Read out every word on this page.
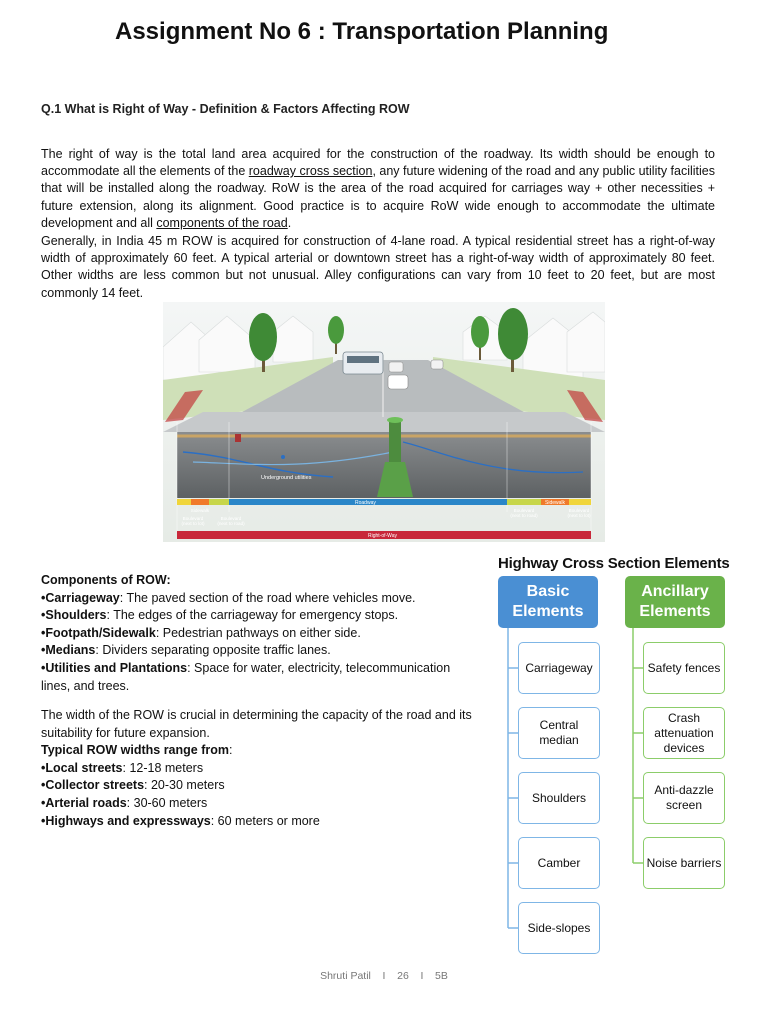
Assignment No 6 : Transportation Planning
Q.1 What is Right of Way - Definition & Factors Affecting ROW
The right of way is the total land area acquired for the construction of the roadway. Its width should be enough to accommodate all the elements of the roadway cross section, any future widening of the road and any public utility facilities that will be installed along the roadway. RoW is the area of the road acquired for carriages way + other necessities + future extension, along its alignment. Good practice is to acquire RoW wide enough to accommodate the ultimate development and all components of the road.
Generally, in India 45 m ROW is acquired for construction of 4-lane road. A typical residential street has a right-of-way width of approximately 60 feet. A typical arterial or downtown street has a right-of-way width of approximately 80 feet. Other widths are less common but not unusual. Alley configurations can vary from 10 feet to 20 feet, but are most commonly 14 feet.
Underground utilities
Roadway	Sidewalk
Sidewalk
Boulevard (next to lot)
Boulevard (next to road)
Boulevard (next to road)
Boulevard (next to lot)
Right-of-Way
Components of ROW:
•Carriageway: The paved section of the road where vehicles move.
•Shoulders: The edges of the carriageway for emergency stops.
•Footpath/Sidewalk: Pedestrian pathways on either side.
•Medians: Dividers separating opposite traffic lanes.
•Utilities and Plantations: Space for water, electricity, telecommunication lines, and trees.
The width of the ROW is crucial in determining the capacity of the road and its suitability for future expansion.
Typical ROW widths range from:
•Local streets: 12-18 meters
•Collector streets: 20-30 meters
•Arterial roads: 30-60 meters
•Highways and expressways: 60 meters or more
Highway Cross Section Elements
Basic Elements
Ancillary Elements
Carriageway
Central median
Shoulders
Camber
Side-slopes
Safety fences
Crash attenuation devices
Anti-dazzle screen
Noise barriers
Shruti Patil    I    26    I    5B
